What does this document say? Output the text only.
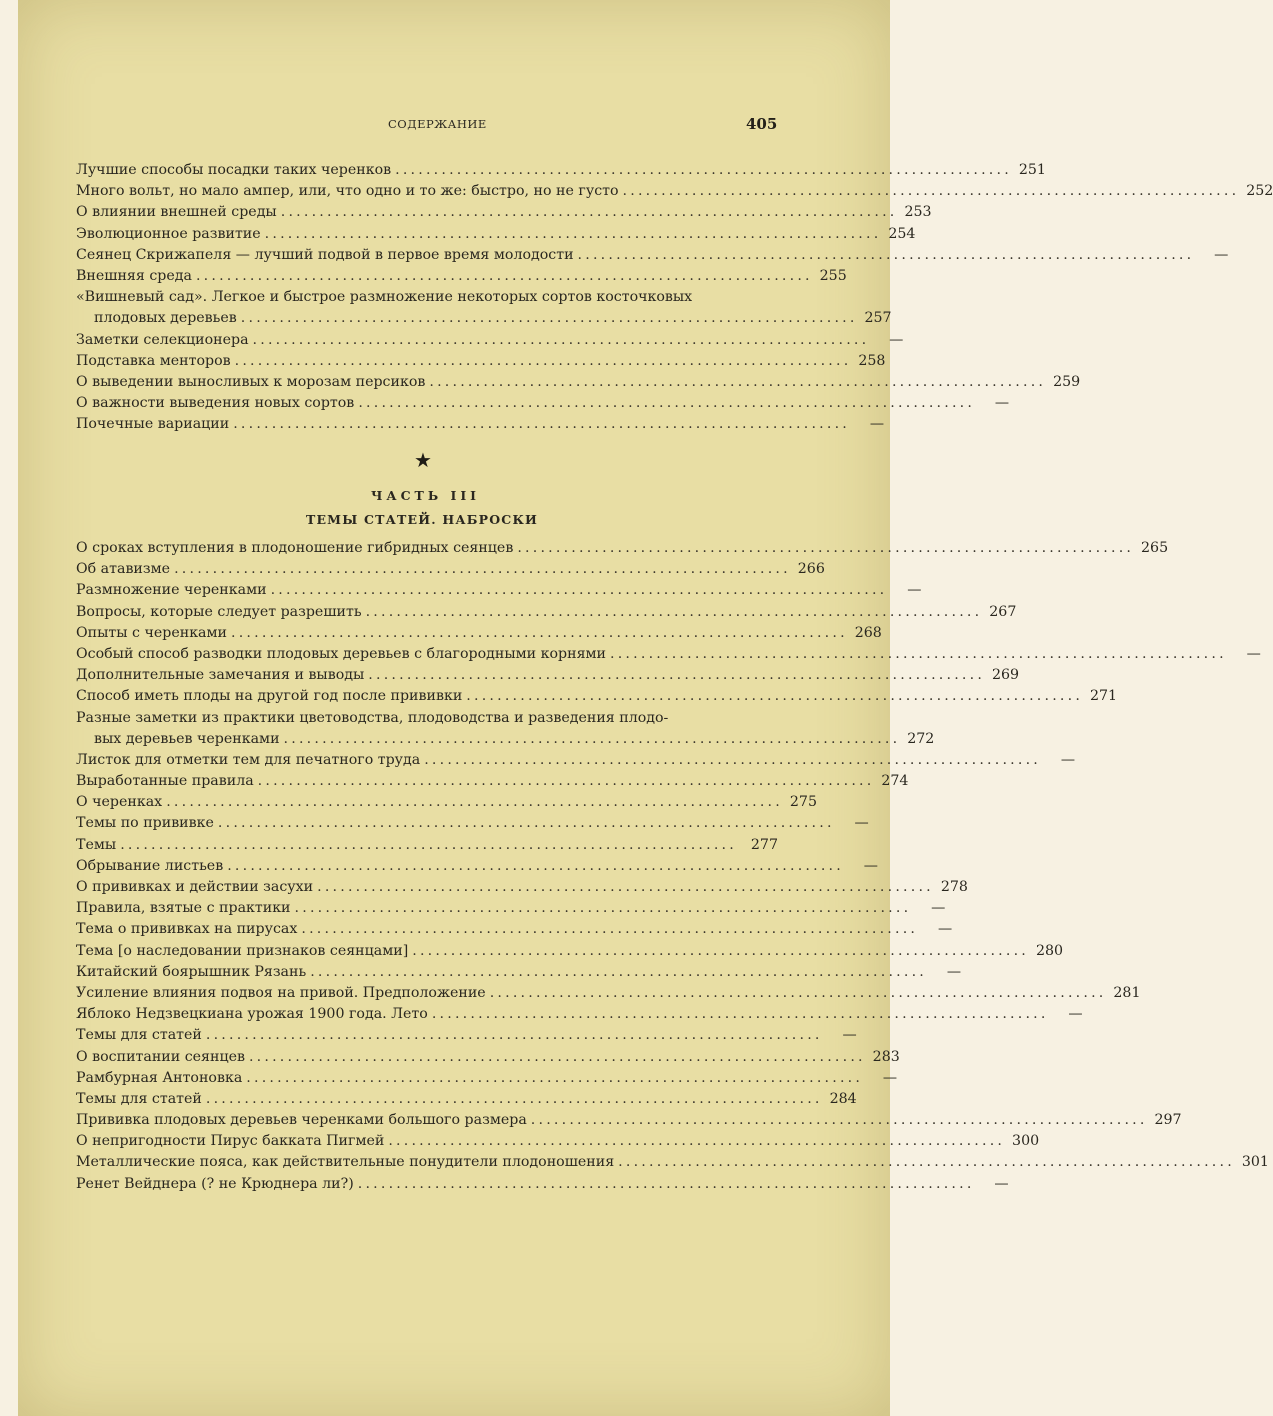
СОДЕРЖАНИЕ	405
Лучшие способы посадки таких черенков ................................................................................ 251
Много вольт, но мало ампер, или, что одно и то же: быстро, но не густо ................................................................................ 252
О влиянии внешней среды ................................................................................ 253
Эволюционное развитие ................................................................................ 254
Сеянец Скрижапеля — лучший подвой в первое время молодости ................................................................................	—
Внешняя среда ................................................................................ 255
«Вишневый сад». Легкое и быстрое размножение некоторых сортов косточковых
плодовых деревьев ................................................................................ 257
Заметки селекционера ................................................................................	—
Подставка менторов ................................................................................ 258
О выведении выносливых к морозам персиков ................................................................................ 259
О важности выведения новых сортов ................................................................................	—
Почечные вариации ................................................................................	—
★
ЧАСТЬ III
ТЕМЫ СТАТЕЙ. НАБРОСКИ
О сроках вступления в плодоношение гибридных сеянцев ................................................................................ 265
Об атавизме ................................................................................ 266
Размножение черенками ................................................................................	—
Вопросы, которые следует разрешить ................................................................................ 267
Опыты с черенками ................................................................................ 268
Особый способ разводки плодовых деревьев с благородными корнями ................................................................................	—
Дополнительные замечания и выводы ................................................................................ 269
Способ иметь плоды на другой год после прививки ................................................................................ 271
Разные заметки из практики цветоводства, плодоводства и разведения плодо-
вых деревьев черенками ................................................................................ 272
Листок для отметки тем для печатного труда ................................................................................	—
Выработанные правила ................................................................................ 274
О черенках ................................................................................ 275
Темы по прививке ................................................................................	—
Темы ................................................................................ 277
Обрывание листьев ................................................................................	—
О прививках и действии засухи ................................................................................ 278
Правила, взятые с практики ................................................................................	—
Тема о прививках на пирусах ................................................................................	—
Тема [о наследовании признаков сеянцами] ................................................................................ 280
Китайский боярышник Рязань ................................................................................	—
Усиление влияния подвоя на привой. Предположение ................................................................................ 281
Яблоко Недзвецкиана урожая 1900 года. Лето ................................................................................	—
Темы для статей ................................................................................	—
О воспитании сеянцев ................................................................................ 283
Рамбурная Антоновка ................................................................................	—
Темы для статей ................................................................................ 284
Прививка плодовых деревьев черенками большого размера ................................................................................ 297
О непригодности Пирус бакката Пигмей ................................................................................ 300
Металлические пояса, как действительные понудители плодоношения ................................................................................ 301
Ренет Вейднера (? не Крюднера ли?) ................................................................................	—
